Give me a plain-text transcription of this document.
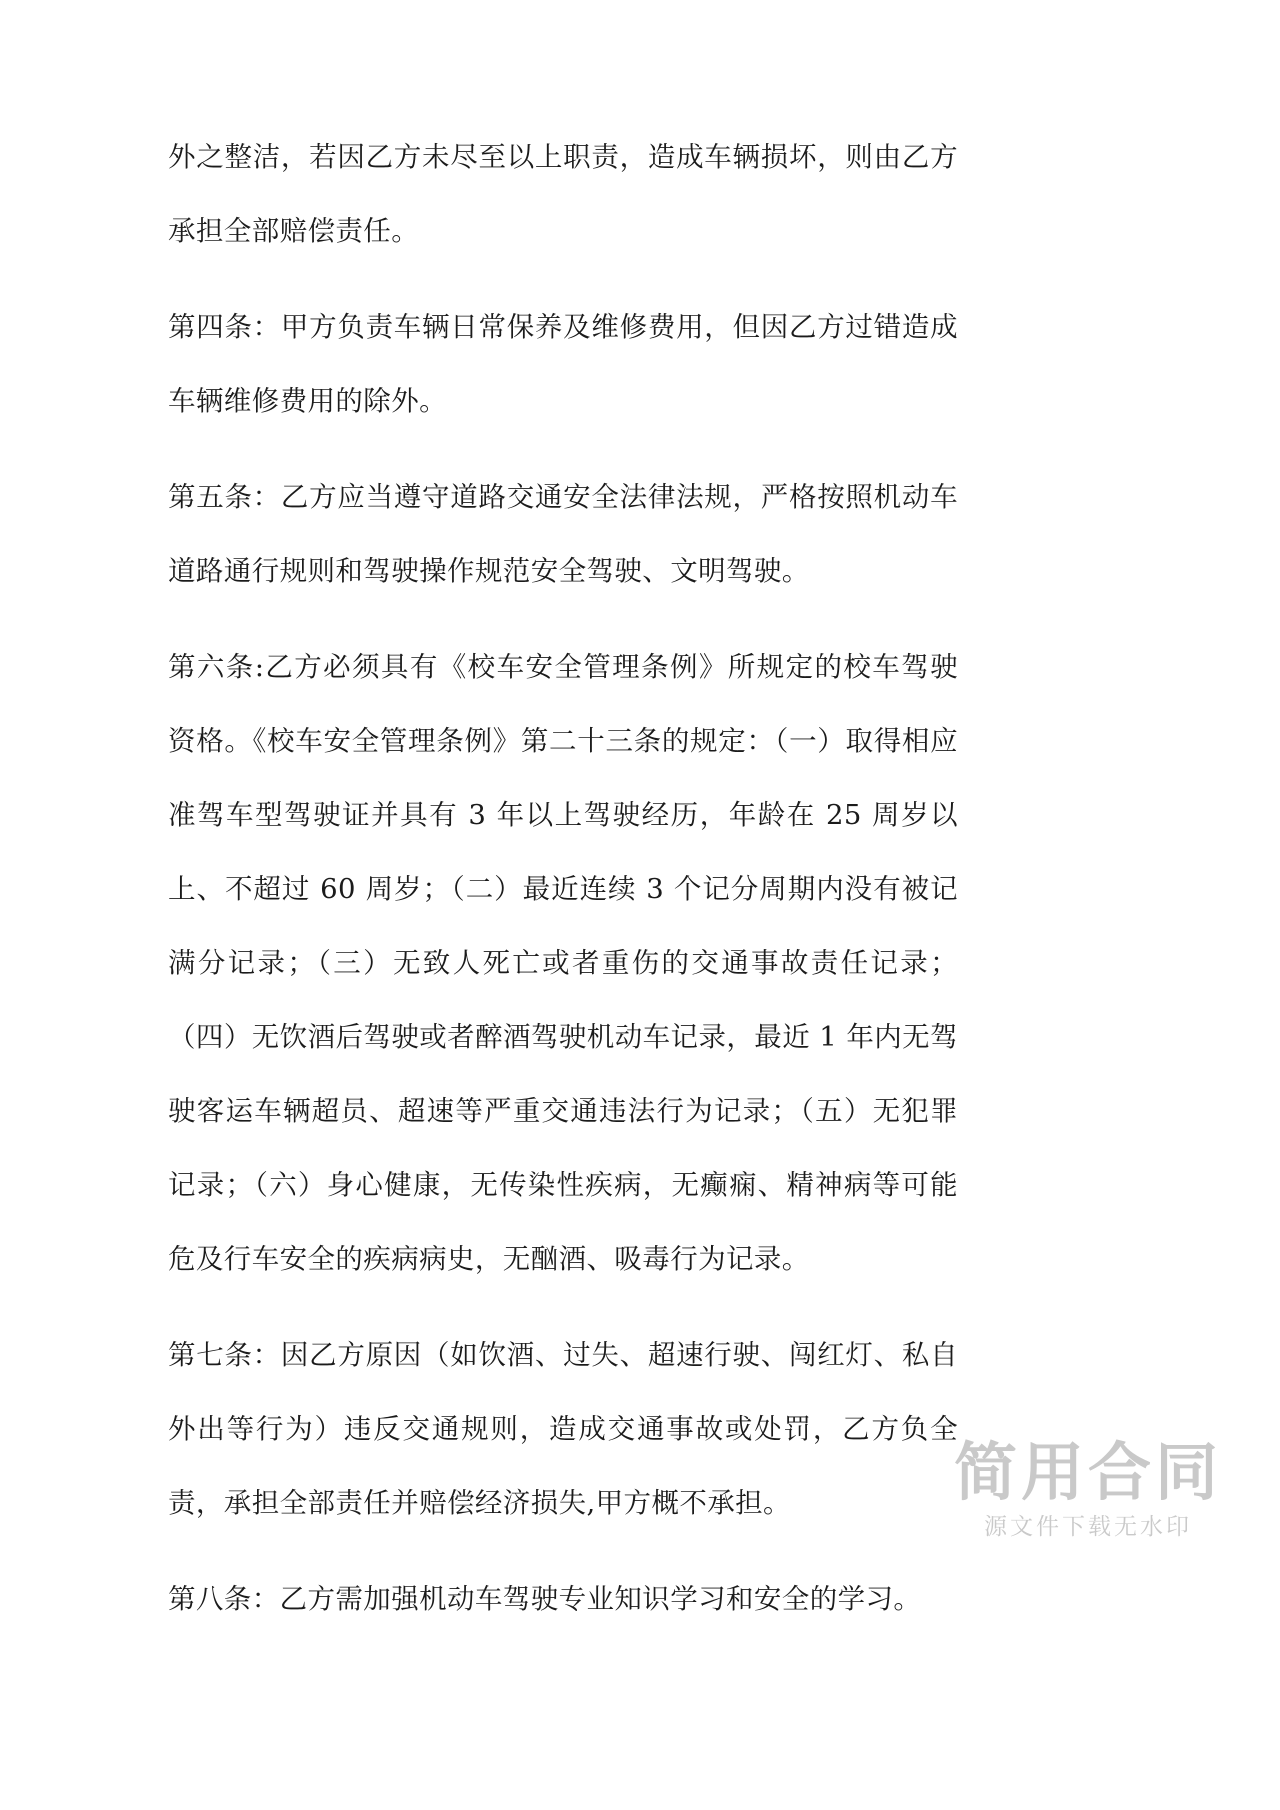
外之整洁，若因乙方未尽至以上职责，造成车辆损坏，则由乙方承担全部赔偿责任。

第四条：甲方负责车辆日常保养及维修费用，但因乙方过错造成车辆维修费用的除外。

第五条：乙方应当遵守道路交通安全法律法规，严格按照机动车道路通行规则和驾驶操作规范安全驾驶、文明驾驶。

第六条:乙方必须具有《校车安全管理条例》所规定的校车驾驶资格。《校车安全管理条例》第二十三条的规定：（一）取得相应准驾车型驾驶证并具有 3 年以上驾驶经历，年龄在 25 周岁以上、不超过 60 周岁；（二）最近连续 3 个记分周期内没有被记满分记录；（三）无致人死亡或者重伤的交通事故责任记录；（四）无饮酒后驾驶或者醉酒驾驶机动车记录，最近 1 年内无驾驶客运车辆超员、超速等严重交通违法行为记录；（五）无犯罪记录；（六）身心健康，无传染性疾病，无癫痫、精神病等可能危及行车安全的疾病病史，无酗酒、吸毒行为记录。

第七条：因乙方原因（如饮酒、过失、超速行驶、闯红灯、私自外出等行为）违反交通规则，造成交通事故或处罚，乙方负全责，承担全部责任并赔偿经济损失,甲方概不承担。

第八条：乙方需加强机动车驾驶专业知识学习和安全的学习。

简用合同
源文件下载无水印
